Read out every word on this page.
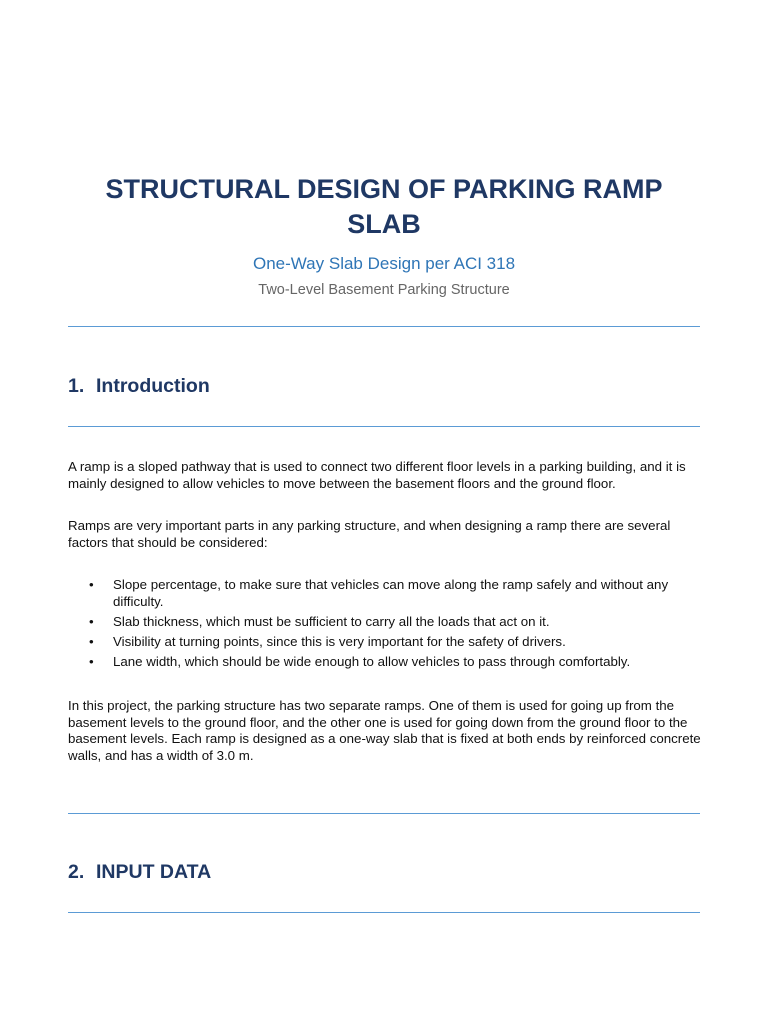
STRUCTURAL DESIGN OF PARKING RAMP SLAB
One-Way Slab Design per ACI 318
Two-Level Basement Parking Structure
1. Introduction

A ramp is a sloped pathway that is used to connect two different floor levels in a parking building, and it is mainly designed to allow vehicles to move between the basement floors and the ground floor.

Ramps are very important parts in any parking structure, and when designing a ramp there are several factors that should be considered:

• Slope percentage, to make sure that vehicles can move along the ramp safely and without any difficulty.
• Slab thickness, which must be sufficient to carry all the loads that act on it.
• Visibility at turning points, since this is very important for the safety of drivers.
• Lane width, which should be wide enough to allow vehicles to pass through comfortably.

In this project, the parking structure has two separate ramps. One of them is used for going up from the basement levels to the ground floor, and the other one is used for going down from the ground floor to the basement levels. Each ramp is designed as a one-way slab that is fixed at both ends by reinforced concrete walls, and has a width of 3.0 m.

2. INPUT DATA
